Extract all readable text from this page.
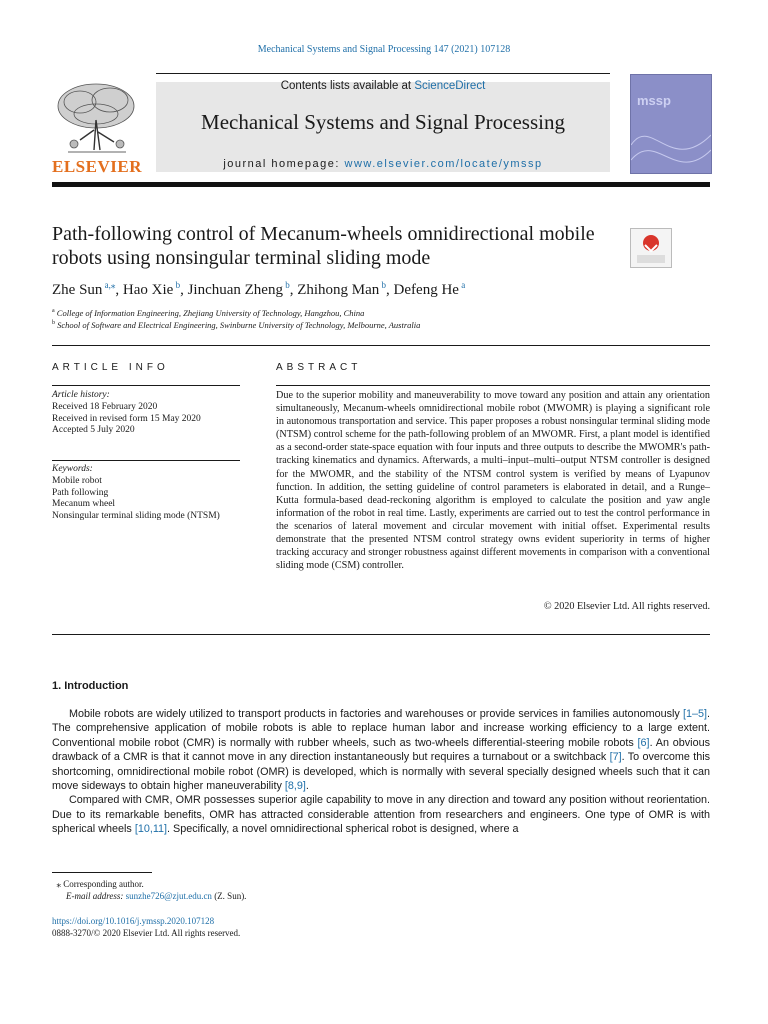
Mechanical Systems and Signal Processing 147 (2021) 107128
Contents lists available at ScienceDirect
Mechanical Systems and Signal Processing
journal homepage: www.elsevier.com/locate/ymssp
ELSEVIER
mssp
Path-following control of Mecanum-wheels omnidirectional mobile robots using nonsingular terminal sliding mode
Zhe Sun $^{a,⁎}$, Hao Xie $^b$, Jinchuan Zheng $^b$, Zhihong Man $^b$, Defeng He $^a$
$^a$ College of Information Engineering, Zhejiang University of Technology, Hangzhou, China
$^b$ School of Software and Electrical Engineering, Swinburne University of Technology, Melbourne, Australia
ARTICLE INFO
Article history:
Received 18 February 2020
Received in revised form 15 May 2020
Accepted 5 July 2020
Keywords:
Mobile robot
Path following
Mecanum wheel
Nonsingular terminal sliding mode (NTSM)
ABSTRACT
Due to the superior mobility and maneuverability to move toward any position and attain any orientation simultaneously, Mecanum-wheels omnidirectional mobile robot (MWOMR) is playing a significant role in autonomous transportation and service. This paper proposes a robust nonsingular terminal sliding mode (NTSM) control scheme for the path-following problem of an MWOMR. First, a plant model is identified as a second-order state-space equation with four inputs and three outputs to describe the MWOMR's path-tracking kinematics and dynamics. Afterwards, a multi–input–multi–output NTSM controller is designed for the MWOMR, and the stability of the NTSM control system is verified by means of Lyapunov function. In addition, the setting guideline of control parameters is elaborated in detail, and a Runge–Kutta formula-based dead-reckoning algorithm is employed to calculate the position and yaw angle information of the robot in real time. Lastly, experiments are carried out to test the control performance in the scenarios of lateral movement and circular movement with initial offset. Experimental results demonstrate that the presented NTSM control strategy owns evident superiority in terms of higher tracking accuracy and stronger robustness against different movements in comparison with a conventional sliding mode (CSM) controller.
© 2020 Elsevier Ltd. All rights reserved.
1. Introduction

Mobile robots are widely utilized to transport products in factories and warehouses or provide services in families autonomously [1–5]. The comprehensive application of mobile robots is able to replace human labor and increase working efficiency to a large extent. Conventional mobile robot (CMR) is normally with rubber wheels, such as two-wheels differential-steering mobile robots [6]. An obvious drawback of a CMR is that it cannot move in any direction instantaneously but requires a turnabout or a switchback [7]. To overcome this shortcoming, omnidirectional mobile robot (OMR) is developed, which is normally with several specially designed wheels such that it can move sideways to obtain higher maneuverability [8,9].

Compared with CMR, OMR possesses superior agile capability to move in any direction and toward any position without reorientation. Due to its remarkable benefits, OMR has attracted considerable attention from researchers and engineers. One type of OMR is with spherical wheels [10,11]. Specifically, a novel omnidirectional spherical robot is designed, where a

⁎ Corresponding author.
E-mail address: sunzhe726@zjut.edu.cn (Z. Sun).
https://doi.org/10.1016/j.ymssp.2020.107128
0888-3270/© 2020 Elsevier Ltd. All rights reserved.
